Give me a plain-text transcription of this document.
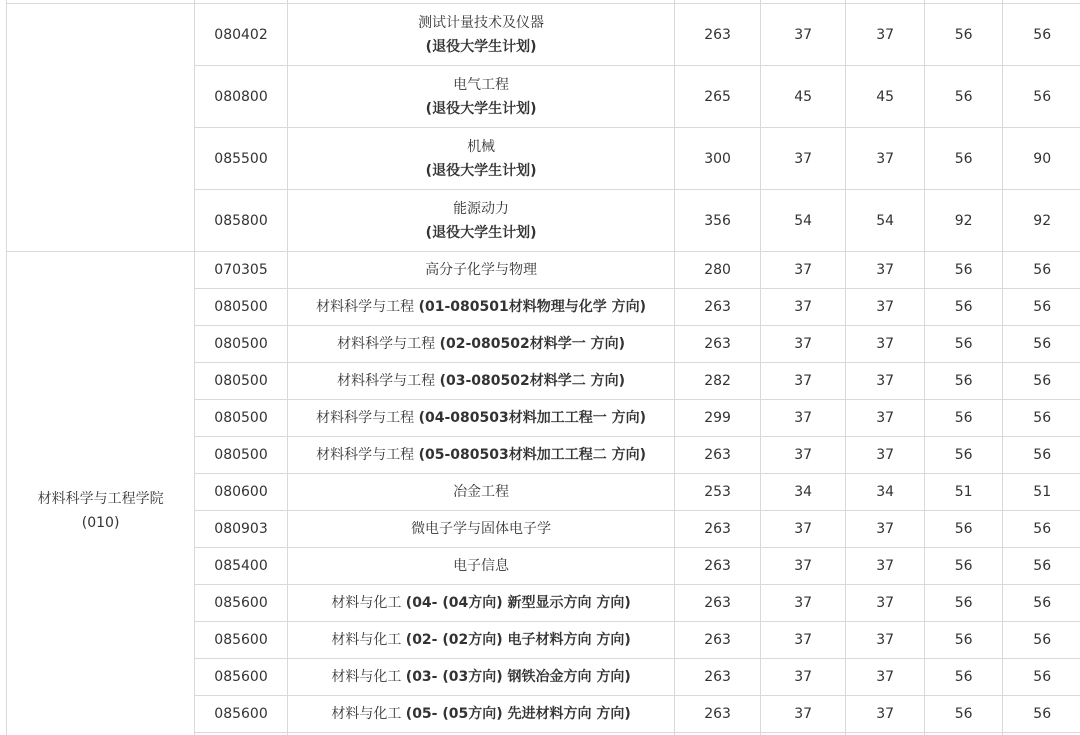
	080402	测试计量技术及仪器
(退役大学生计划)	263	37	37	56	56
	080800	电气工程
(退役大学生计划)	265	45	45	56	56
	085500	机械
(退役大学生计划)	300	37	37	56	90
	085800	能源动力
(退役大学生计划)	356	54	54	92	92

材料科学与工程学院
(010)	070305	高分子化学与物理	280	37	37	56	56
	080500	材料科学与工程 (01-080501材料物理与化学 方向)	263	37	37	56	56
	080500	材料科学与工程 (02-080502材料学一 方向)	263	37	37	56	56
	080500	材料科学与工程 (03-080502材料学二 方向)	282	37	37	56	56
	080500	材料科学与工程 (04-080503材料加工工程一 方向)	299	37	37	56	56
	080500	材料科学与工程 (05-080503材料加工工程二 方向)	263	37	37	56	56
	080600	冶金工程	253	34	34	51	51
	080903	微电子学与固体电子学	263	37	37	56	56
	085400	电子信息	263	37	37	56	56
	085600	材料与化工 (04- (04方向) 新型显示方向 方向)	263	37	37	56	56
	085600	材料与化工 (02- (02方向) 电子材料方向 方向)	263	37	37	56	56
	085600	材料与化工 (03- (03方向) 钢铁冶金方向 方向)	263	37	37	56	56
	085600	材料与化工 (05- (05方向) 先进材料方向 方向)	263	37	37	56	56
